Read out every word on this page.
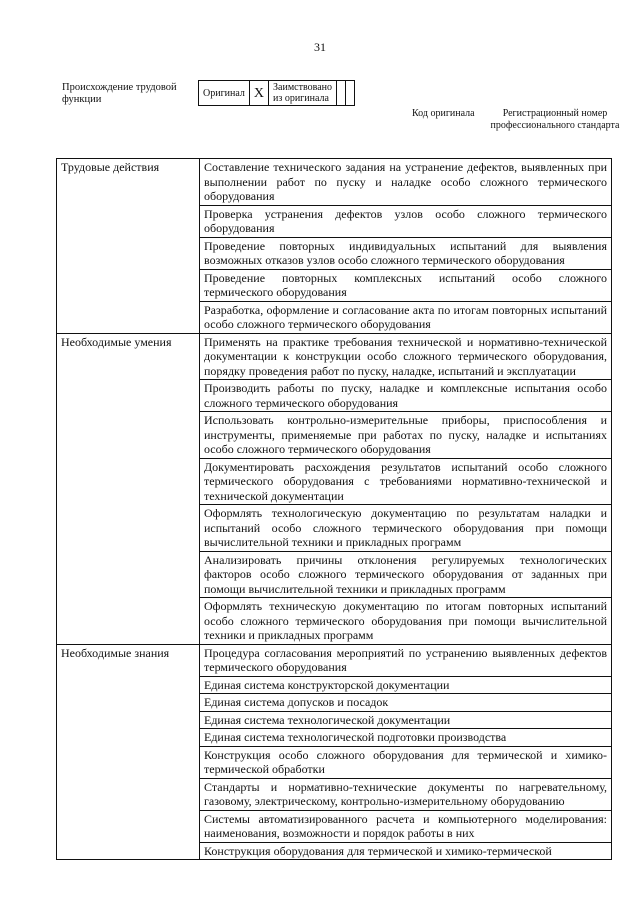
31
Происхождение трудовой функции
Оригинал	X	Заимствовано из оригинала		
Код оригинала	Регистрационный номер профессионального стандарта
Трудовые действия	Составление технического задания на устранение дефектов, выявленных при выполнении работ по пуску и наладке особо сложного термического оборудования
	Проверка устранения дефектов узлов особо сложного термического оборудования
	Проведение повторных индивидуальных испытаний для выявления возможных отказов узлов особо сложного термического оборудования
	Проведение повторных комплексных испытаний особо сложного термического оборудования
	Разработка, оформление и согласование акта по итогам повторных испытаний особо сложного термического оборудования
Необходимые умения	Применять на практике требования технической и нормативно-технической документации к конструкции особо сложного термического оборудования, порядку проведения работ по пуску, наладке, испытаний и эксплуатации
	Производить работы по пуску, наладке и комплексные испытания особо сложного термического оборудования
	Использовать контрольно-измерительные приборы, приспособления и инструменты, применяемые при работах по пуску, наладке и испытаниях особо сложного термического оборудования
	Документировать расхождения результатов испытаний особо сложного термического оборудования с требованиями нормативно-технической и технической документации
	Оформлять технологическую документацию по результатам наладки и испытаний особо сложного термического оборудования при помощи вычислительной техники и прикладных программ
	Анализировать причины отклонения регулируемых технологических факторов особо сложного термического оборудования от заданных при помощи вычислительной техники и прикладных программ
	Оформлять техническую документацию по итогам повторных испытаний особо сложного термического оборудования при помощи вычислительной техники и прикладных программ
Необходимые знания	Процедура согласования мероприятий по устранению выявленных дефектов термического оборудования
	Единая система конструкторской документации
	Единая система допусков и посадок
	Единая система технологической документации
	Единая система технологической подготовки производства
	Конструкция особо сложного оборудования для термической и химико-термической обработки
	Стандарты и нормативно-технические документы по нагревательному, газовому, электрическому, контрольно-измерительному оборудованию
	Системы автоматизированного расчета и компьютерного моделирования: наименования, возможности и порядок работы в них
	Конструкция оборудования для термической и химико-термической
